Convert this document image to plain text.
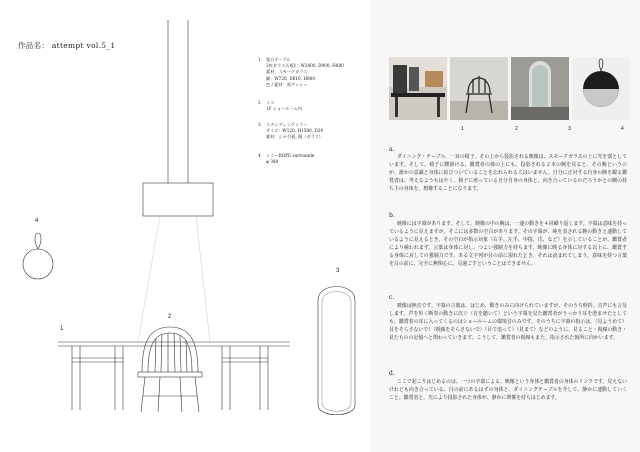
作品名： attempt vol.5_1
1	架台テーブル
2枚ガラス天板1：W2400, D900, H880
素材：スモークガラス
脚：W720, D610, H800
色 / 素材：黒アッシュ
2	イス
1F ショールーム内
3	スタンディングミラー
サイズ：W120, H1580, D24
素材：シナ合板, 鏡（ガラス）
4	ミラーROPE surrounde
φ 380
1
2
3
4
1	2	3	4
a.

ダイニング・テーブル、一対の椅子。その上から投影される映像は、スモークガラスの上に光を落としています。そして、椅子に腰掛ける、鑑賞者の体の上にも。投影される２本の腕を見ると、その腕というのが、誰かの意識と身体に結びついていることを忘れられる人はいません。自分に正対する自身の腕を観る鑑賞者は、考えるようもはやく、椅子に座っている自分自身の身体と、向き合っているのだろうかとの腕の持ち主の身体を、想像することになります。

b.

映像には字幕があります。そして、映像の中の腕は、一連の動きを４回繰り返します。字幕は意味を持っているように見えますが、そこには多数の空白があります。その字幕が、純を表される腕の動きと連動しているように見えるとき、その空白が指示対象（右手、左手、中指、爪、など）を示していることが、鑑賞者により補われます。言葉は身体に対し、つよい強制力を持ちます。映像に映る身体に対する以上に、鑑賞する身体に対しての強制力です。ある文字列が目の前に現れたとき、それは読まれてしまう。意味を持つ言葉を目の前に、完全に無関心に、見過ごすということはできません。

c.

映像は無音です。字幕の言葉は、はじめ、動きのみに向けられていますが、そのうち時折、音声にも言及します。声を単く断奏の動きに次ぐ（音を聴いて）という字幕を見た鑑賞者がうっかり耳を澄ませたとしても、鑑賞者の耳に入ってくるのはショールームの環境音のみです。そのうちに字幕の指示は、（見ようめて）目をそらさないで）（視線をそらさないで）（目で追って）（見まて）などのように、見ること・視線の動き・見たものの記憶へと関わっていきます。こうして、鑑賞者の視線もまた、指示された箇所に向かいます。

d.

ここで起こりはじめるのは、一つの字幕による、映像という身体と鑑賞者の身体のリンクです。見えないけれども向き合っている、目の前にあるはずの身体と、ダイニングテーブルを介して、静かに連動していくこと。鑑賞者と、光により投影された身体が、静かに関係を持ちはじめます。
